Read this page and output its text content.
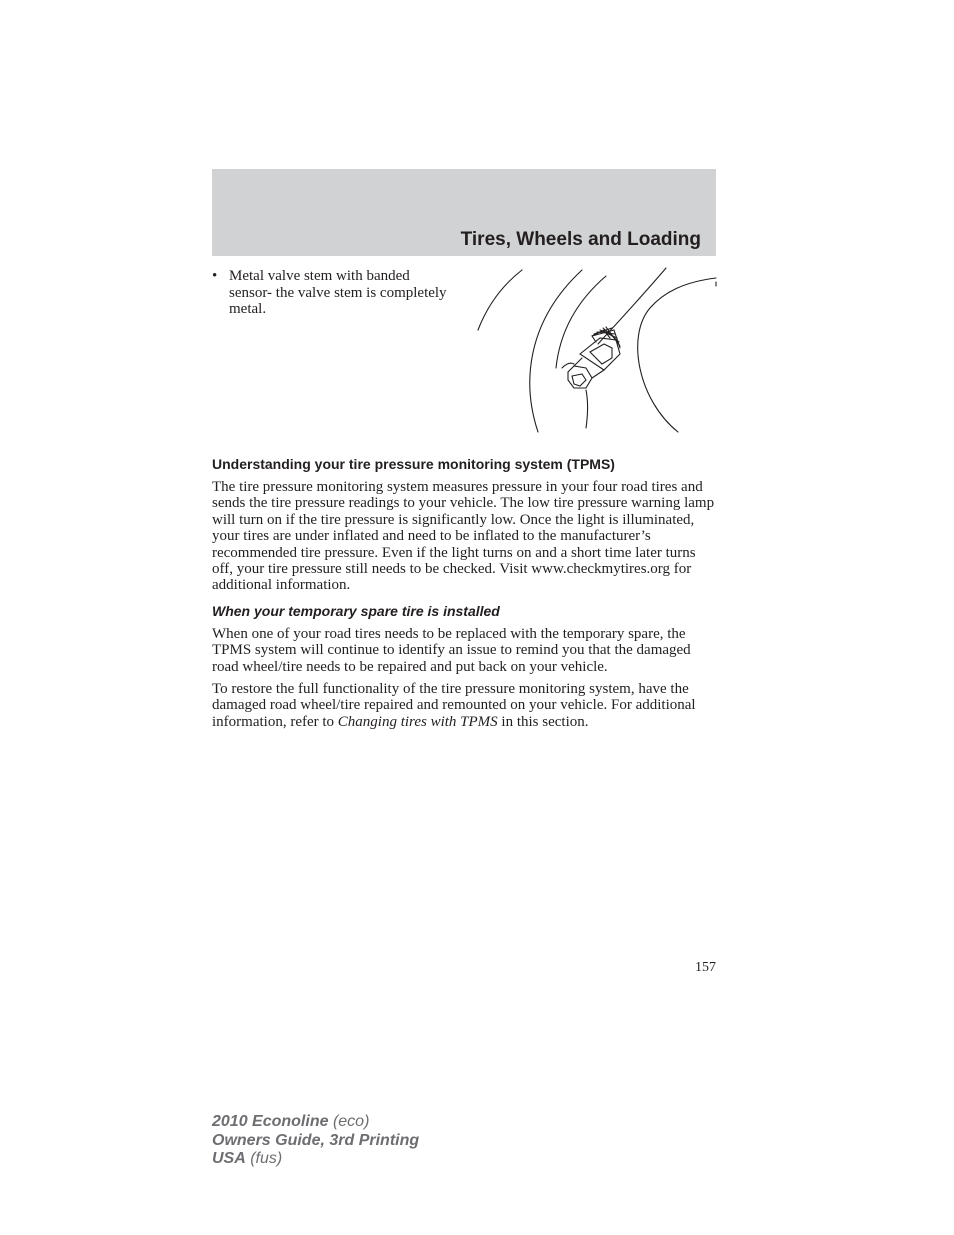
Tires, Wheels and Loading
• Metal valve stem with banded sensor- the valve stem is completely metal.
Understanding your tire pressure monitoring system (TPMS)

The tire pressure monitoring system measures pressure in your four road tires and sends the tire pressure readings to your vehicle. The low tire pressure warning lamp will turn on if the tire pressure is significantly low. Once the light is illuminated, your tires are under inflated and need to be inflated to the manufacturer’s recommended tire pressure. Even if the light turns on and a short time later turns off, your tire pressure still needs to be checked. Visit www.checkmytires.org for additional information.

When your temporary spare tire is installed

When one of your road tires needs to be replaced with the temporary spare, the TPMS system will continue to identify an issue to remind you that the damaged road wheel/tire needs to be repaired and put back on your vehicle.

To restore the full functionality of the tire pressure monitoring system, have the damaged road wheel/tire repaired and remounted on your vehicle. For additional information, refer to Changing tires with TPMS in this section.

157
2010 Econoline (eco)
Owners Guide, 3rd Printing
USA (fus)
